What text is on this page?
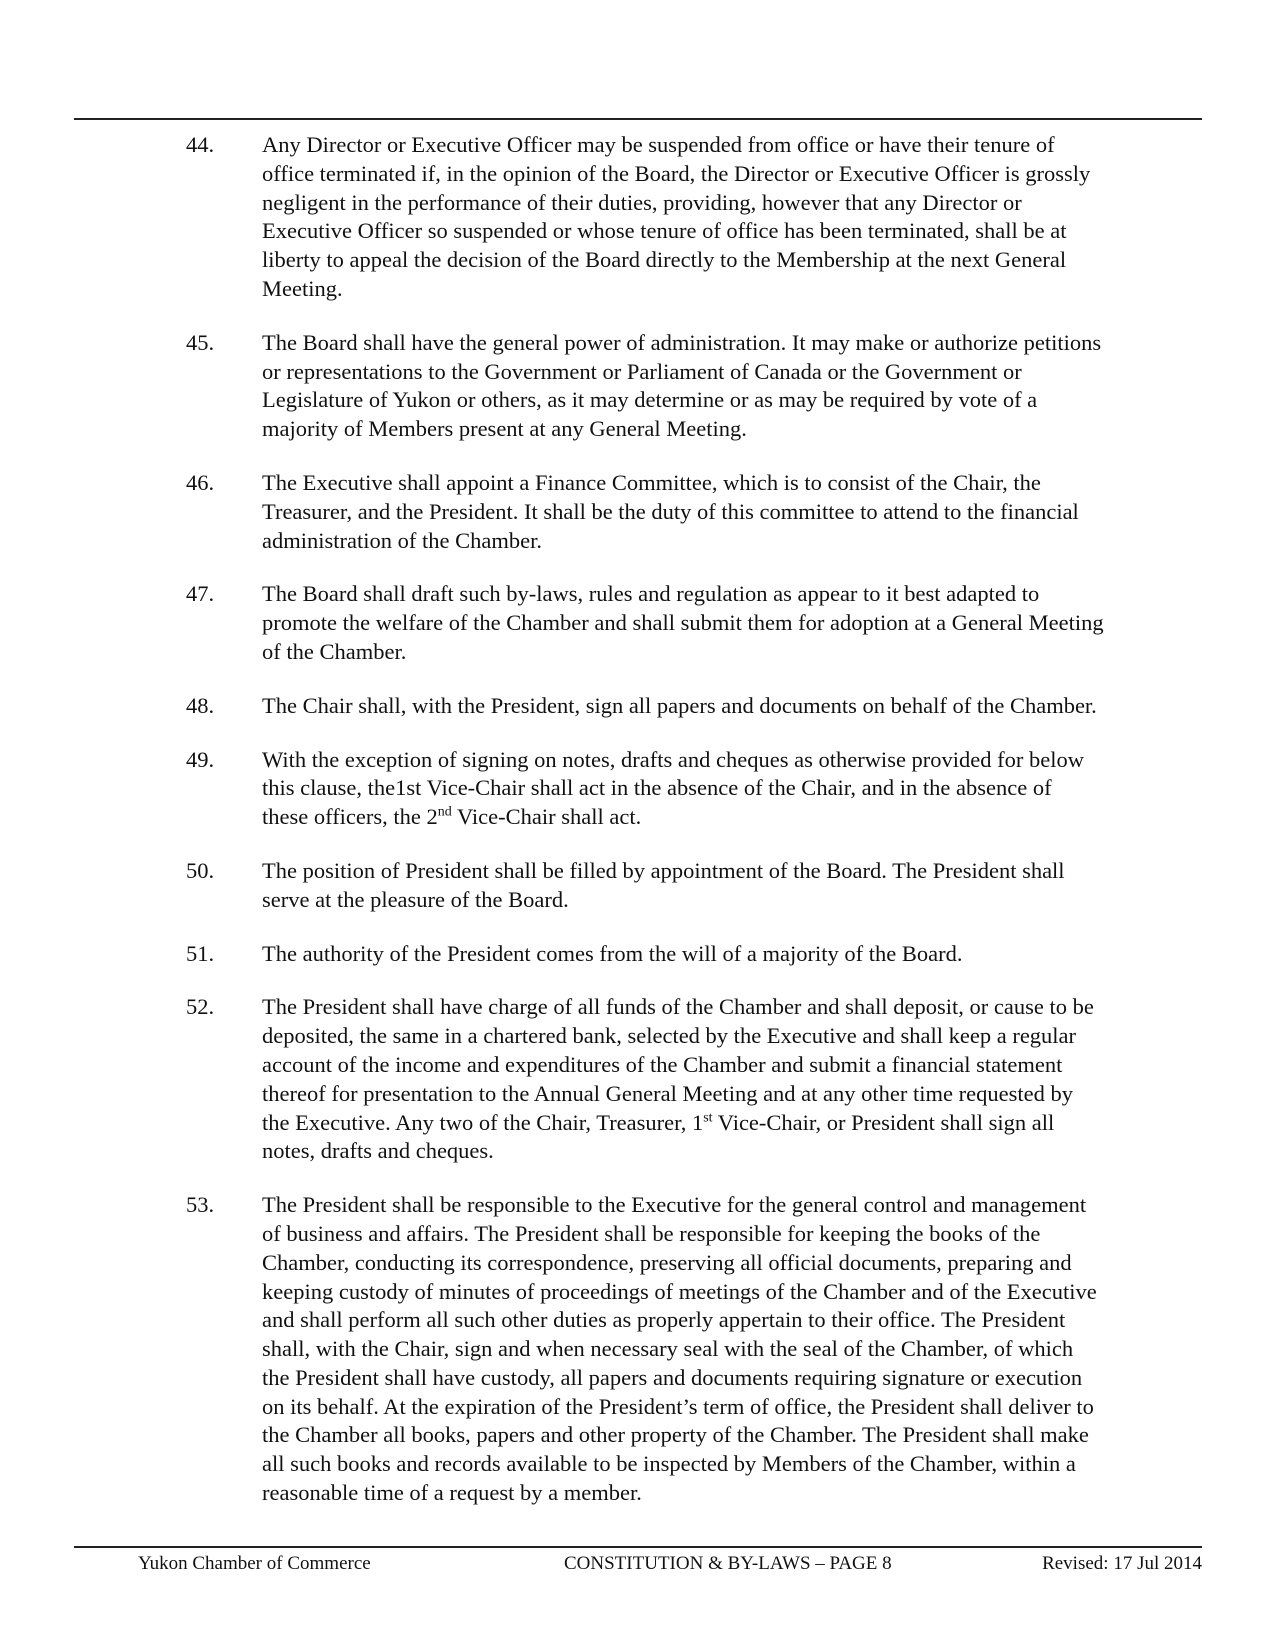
44.	Any Director or Executive Officer may be suspended from office or have their tenure of
office terminated if, in the opinion of the Board, the Director or Executive Officer is grossly
negligent in the performance of their duties, providing, however that any Director or
Executive Officer so suspended or whose tenure of office has been terminated, shall be at
liberty to appeal the decision of the Board directly to the Membership at the next General
Meeting.
45.	The Board shall have the general power of administration. It may make or authorize petitions
or representations to the Government or Parliament of Canada or the Government or
Legislature of Yukon or others, as it may determine or as may be required by vote of a
majority of Members present at any General Meeting.
46.	The Executive shall appoint a Finance Committee, which is to consist of the Chair, the
Treasurer, and the President. It shall be the duty of this committee to attend to the financial
administration of the Chamber.
47.	The Board shall draft such by-laws, rules and regulation as appear to it best adapted to
promote the welfare of the Chamber and shall submit them for adoption at a General Meeting
of the Chamber.
48.	The Chair shall, with the President, sign all papers and documents on behalf of the Chamber.
49.	With the exception of signing on notes, drafts and cheques as otherwise provided for below
this clause, the1st Vice-Chair shall act in the absence of the Chair, and in the absence of
these officers, the 2nd Vice-Chair shall act.
50.	The position of President shall be filled by appointment of the Board. The President shall
serve at the pleasure of the Board.
51.	The authority of the President comes from the will of a majority of the Board.
52.	The President shall have charge of all funds of the Chamber and shall deposit, or cause to be
deposited, the same in a chartered bank, selected by the Executive and shall keep a regular
account of the income and expenditures of the Chamber and submit a financial statement
thereof for presentation to the Annual General Meeting and at any other time requested by
the Executive. Any two of the Chair, Treasurer, 1st Vice-Chair, or President shall sign all
notes, drafts and cheques.
53.	The President shall be responsible to the Executive for the general control and management
of business and affairs. The President shall be responsible for keeping the books of the
Chamber, conducting its correspondence, preserving all official documents, preparing and
keeping custody of minutes of proceedings of meetings of the Chamber and of the Executive
and shall perform all such other duties as properly appertain to their office. The President
shall, with the Chair, sign and when necessary seal with the seal of the Chamber, of which
the President shall have custody, all papers and documents requiring signature or execution
on its behalf. At the expiration of the President’s term of office, the President shall deliver to
the Chamber all books, papers and other property of the Chamber. The President shall make
all such books and records available to be inspected by Members of the Chamber, within a
reasonable time of a request by a member.
Yukon Chamber of Commerce	CONSTITUTION & BY-LAWS – PAGE 8	Revised: 17 Jul 2014
